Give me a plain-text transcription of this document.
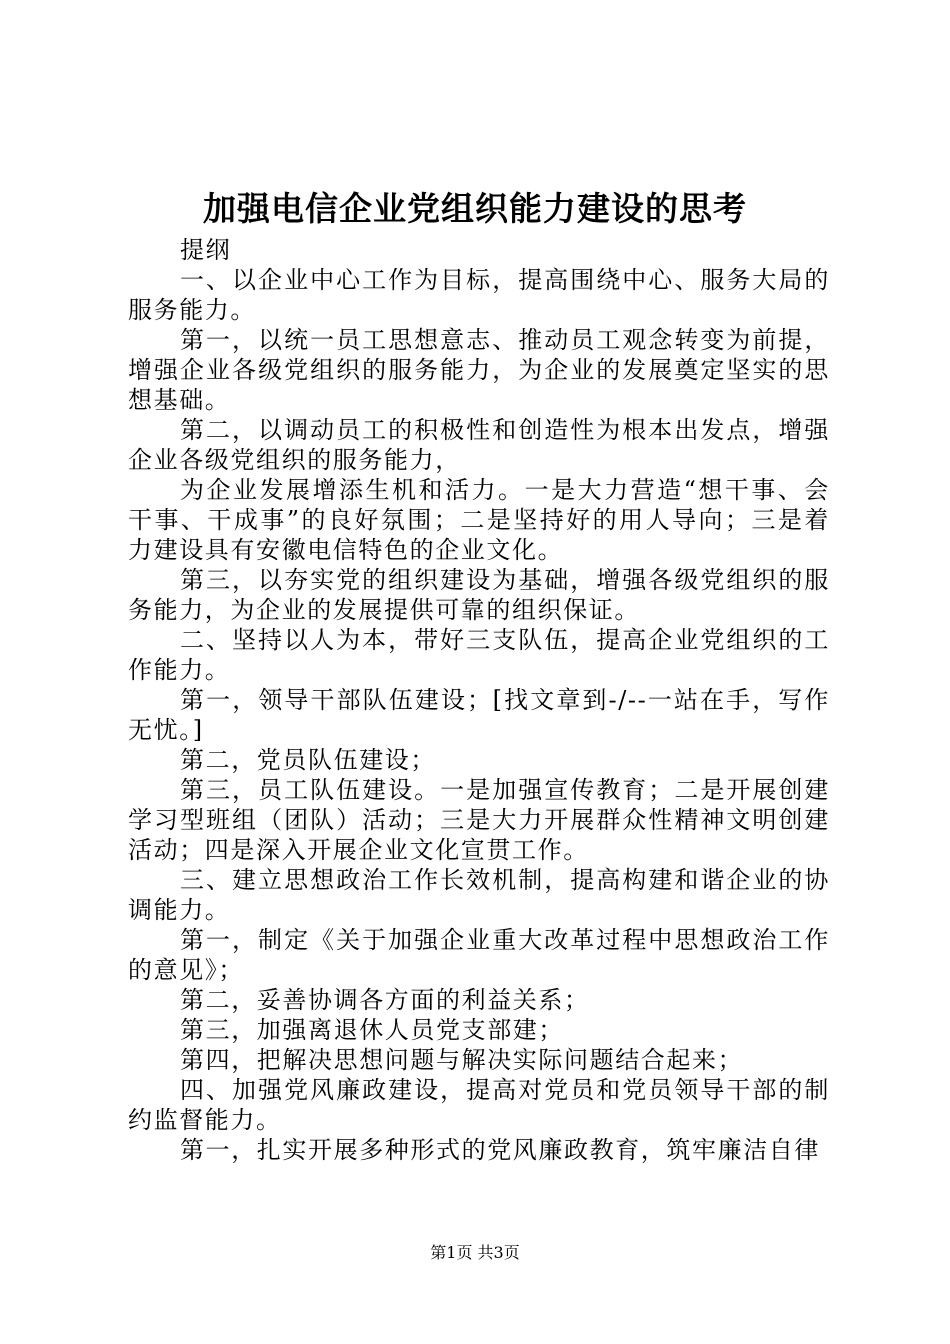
加强电信企业党组织能力建设的思考

提纲

一、以企业中心工作为目标，提高围绕中心、服务大局的服务能力。

第一，以统一员工思想意志、推动员工观念转变为前提，增强企业各级党组织的服务能力，为企业的发展奠定坚实的思想基础。

第二，以调动员工的积极性和创造性为根本出发点，增强企业各级党组织的服务能力，

为企业发展增添生机和活力。一是大力营造“想干事、会干事、干成事”的良好氛围；二是坚持好的用人导向；三是着力建设具有安徽电信特色的企业文化。

第三，以夯实党的组织建设为基础，增强各级党组织的服务能力，为企业的发展提供可靠的组织保证。

二、坚持以人为本，带好三支队伍，提高企业党组织的工作能力。

第一，领导干部队伍建设；[找文章到-/--一站在手，写作无忧。]

第二，党员队伍建设；

第三，员工队伍建设。一是加强宣传教育；二是开展创建学习型班组（团队）活动；三是大力开展群众性精神文明创建活动；四是深入开展企业文化宣贯工作。

三、建立思想政治工作长效机制，提高构建和谐企业的协调能力。

第一，制定《关于加强企业重大改革过程中思想政治工作的意见》；

第二，妥善协调各方面的利益关系；

第三，加强离退休人员党支部建；

第四，把解决思想问题与解决实际问题结合起来；

四、加强党风廉政建设，提高对党员和党员领导干部的制约监督能力。

第一，扎实开展多种形式的党风廉政教育，筑牢廉洁自律

第1页 共3页
